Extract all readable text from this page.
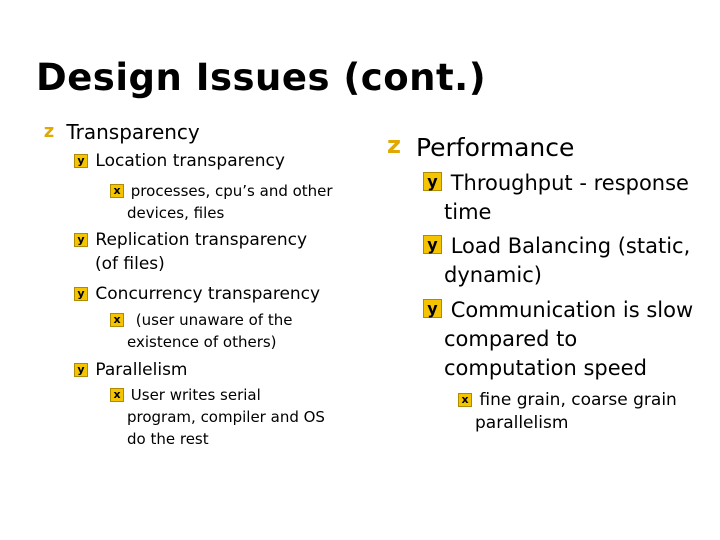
Design Issues (cont.)
z Transparency
y Location transparency
x processes, cpu’s and other
devices, files
y Replication transparency
(of files)
y Concurrency transparency
x (user unaware of the
existence of others)
y Parallelism
x User writes serial
program, compiler and OS
do the rest
z Performance
y Throughput - response
time
y Load Balancing (static,
dynamic)
y Communication is slow
compared to
computation speed
x fine grain, coarse grain
parallelism
